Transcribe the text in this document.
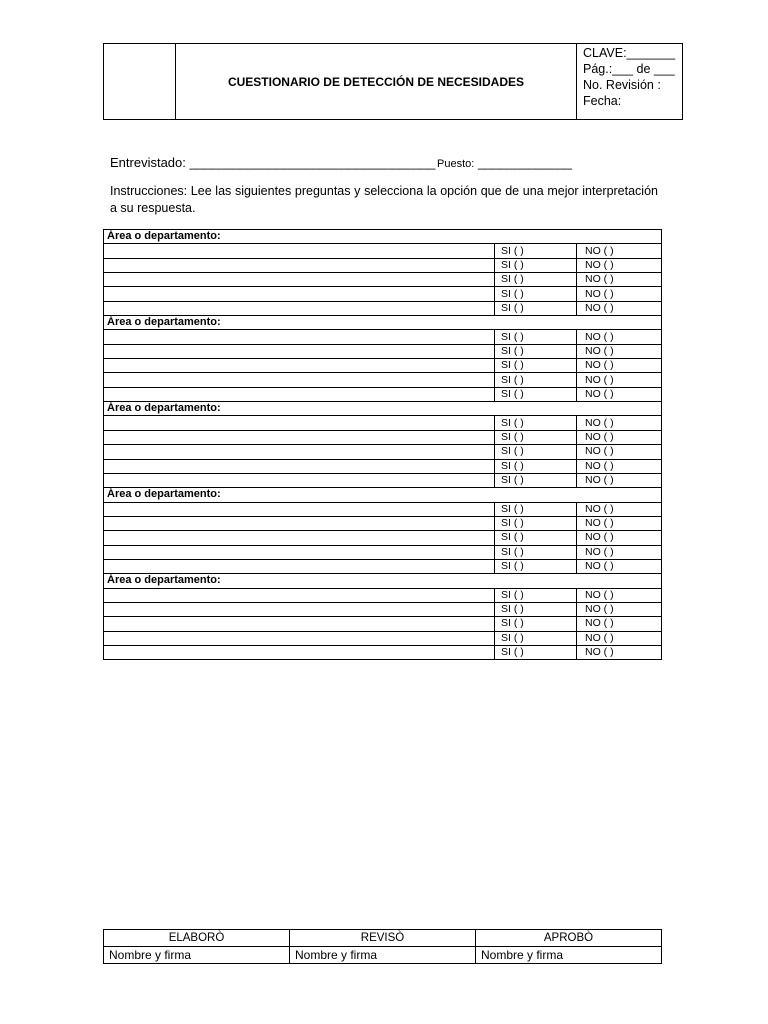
CUESTIONARIO DE DETECCIÓN DE NECESIDADES
CLAVE:_______
Pág.:___ de ___
No. Revisión :
Fecha:
Entrevistado: __________________________________ Puesto: _____________
Instrucciones: Lee las siguientes preguntas y selecciona la opción que de una mejor interpretación a su respuesta.
Área o departamento:		
	SI ( )	NO ( )
	SI ( )	NO ( )
	SI ( )	NO ( )
	SI ( )	NO ( )
	SI ( )	NO ( )
Área o departamento:		
	SI ( )	NO ( )
	SI ( )	NO ( )
	SI ( )	NO ( )
	SI ( )	NO ( )
	SI ( )	NO ( )
Área o departamento:		
	SI ( )	NO ( )
	SI ( )	NO ( )
	SI ( )	NO ( )
	SI ( )	NO ( )
	SI ( )	NO ( )
Área o departamento:		
	SI ( )	NO ( )
	SI ( )	NO ( )
	SI ( )	NO ( )
	SI ( )	NO ( )
	SI ( )	NO ( )
Área o departamento:		
	SI ( )	NO ( )
	SI ( )	NO ( )
	SI ( )	NO ( )
	SI ( )	NO ( )
	SI ( )	NO ( )
ELABORÒ	REVISÒ	APROBÒ
Nombre y firma	Nombre y firma	Nombre y firma
